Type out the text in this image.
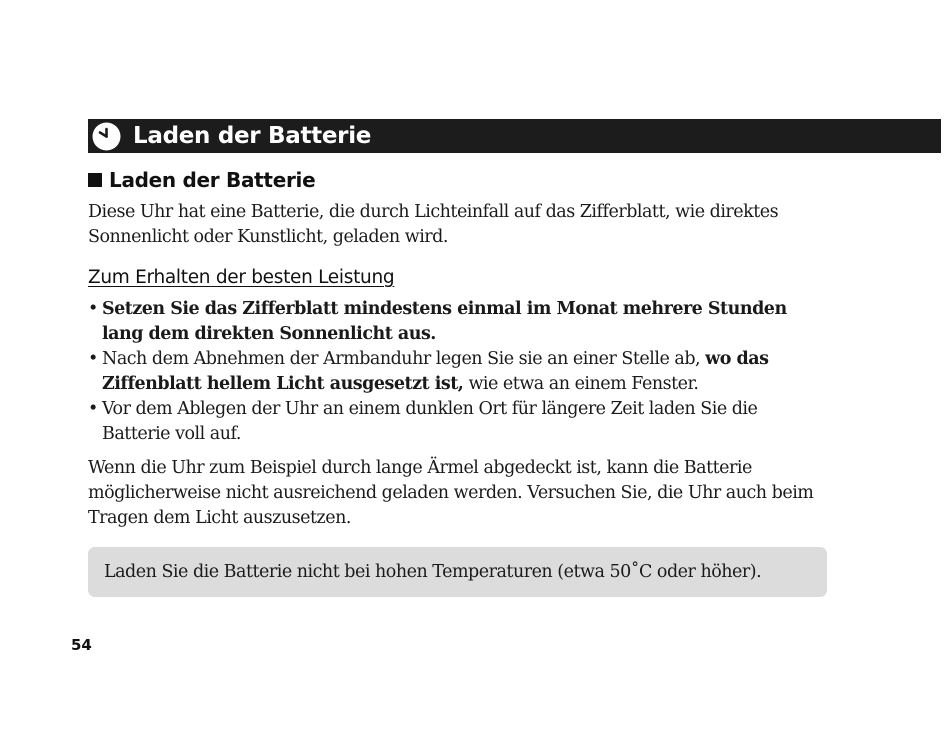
Laden der Batterie
Laden der Batterie
Diese Uhr hat eine Batterie, die durch Lichteinfall auf das Zifferblatt, wie direktes Sonnenlicht oder Kunstlicht, geladen wird.
Zum Erhalten der besten Leistung
• Setzen Sie das Zifferblatt mindestens einmal im Monat mehrere Stunden lang dem direkten Sonnenlicht aus.
• Nach dem Abnehmen der Armbanduhr legen Sie sie an einer Stelle ab, wo das Ziffenblatt hellem Licht ausgesetzt ist, wie etwa an einem Fenster.
• Vor dem Ablegen der Uhr an einem dunklen Ort für längere Zeit laden Sie die Batterie voll auf.
Wenn die Uhr zum Beispiel durch lange Ärmel abgedeckt ist, kann die Batterie möglicherweise nicht ausreichend geladen werden. Versuchen Sie, die Uhr auch beim Tragen dem Licht auszusetzen.
Laden Sie die Batterie nicht bei hohen Temperaturen (etwa 50˚C oder höher).
54
